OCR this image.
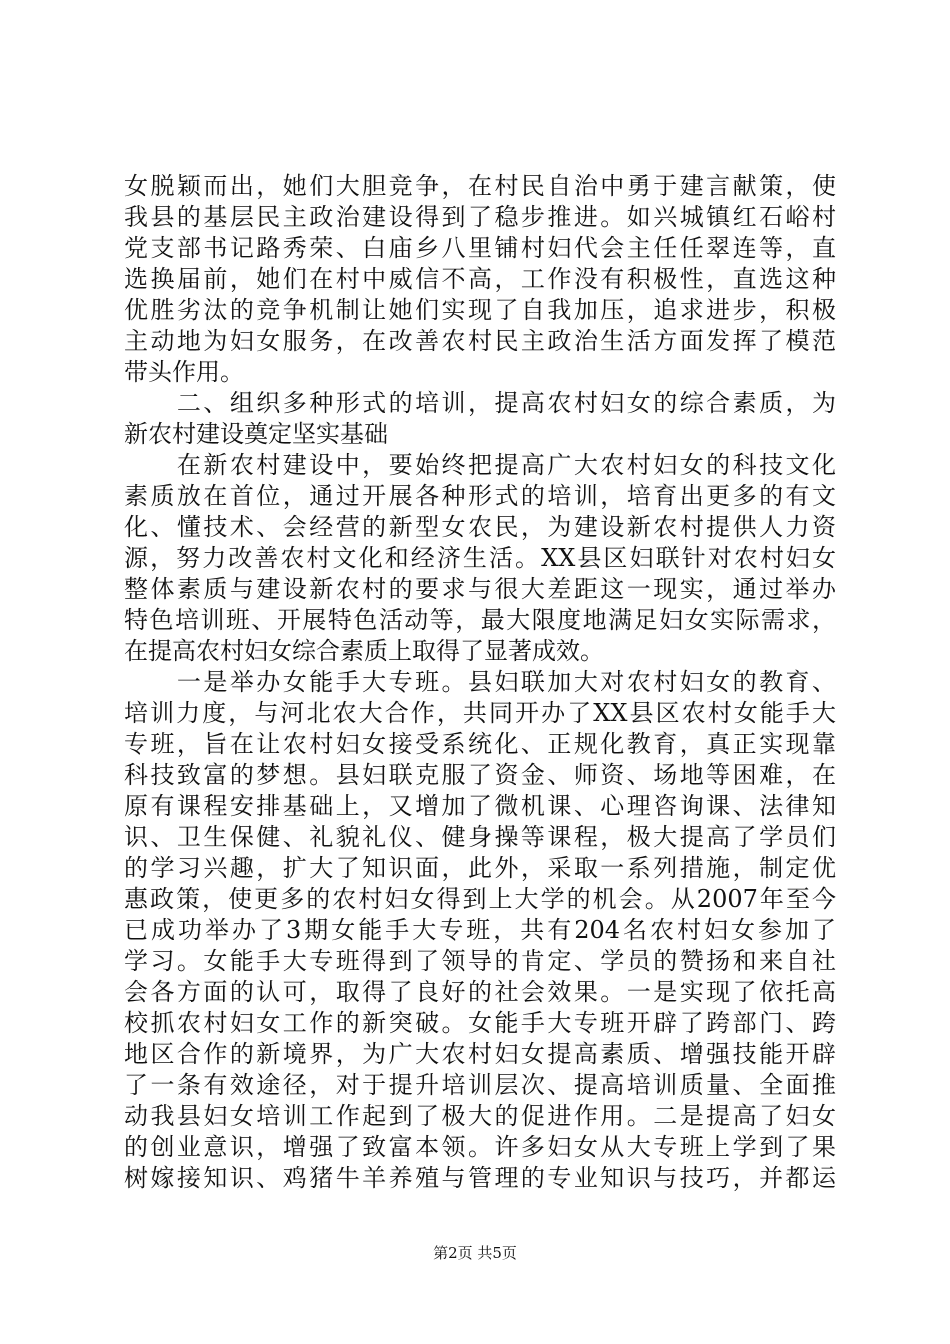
女脱颖而出，她们大胆竞争，在村民自治中勇于建言献策，使
我县的基层民主政治建设得到了稳步推进。如兴城镇红石峪村
党支部书记路秀荣、白庙乡八里铺村妇代会主任任翠连等，直
选换届前，她们在村中威信不高，工作没有积极性，直选这种
优胜劣汰的竞争机制让她们实现了自我加压，追求进步，积极
主动地为妇女服务，在改善农村民主政治生活方面发挥了模范
带头作用。
　　二、组织多种形式的培训，提高农村妇女的综合素质，为
新农村建设奠定坚实基础
　　在新农村建设中，要始终把提高广大农村妇女的科技文化
素质放在首位，通过开展各种形式的培训，培育出更多的有文
化、懂技术、会经营的新型女农民，为建设新农村提供人力资
源，努力改善农村文化和经济生活。XX县区妇联针对农村妇女
整体素质与建设新农村的要求与很大差距这一现实，通过举办
特色培训班、开展特色活动等，最大限度地满足妇女实际需求，
在提高农村妇女综合素质上取得了显著成效。
　　一是举办女能手大专班。县妇联加大对农村妇女的教育、
培训力度，与河北农大合作，共同开办了XX县区农村女能手大
专班，旨在让农村妇女接受系统化、正规化教育，真正实现靠
科技致富的梦想。县妇联克服了资金、师资、场地等困难，在
原有课程安排基础上，又增加了微机课、心理咨询课、法律知
识、卫生保健、礼貌礼仪、健身操等课程，极大提高了学员们
的学习兴趣，扩大了知识面，此外，采取一系列措施，制定优
惠政策，使更多的农村妇女得到上大学的机会。从2007年至今
已成功举办了3期女能手大专班，共有204名农村妇女参加了
学习。女能手大专班得到了领导的肯定、学员的赞扬和来自社
会各方面的认可，取得了良好的社会效果。一是实现了依托高
校抓农村妇女工作的新突破。女能手大专班开辟了跨部门、跨
地区合作的新境界，为广大农村妇女提高素质、增强技能开辟
了一条有效途径，对于提升培训层次、提高培训质量、全面推
动我县妇女培训工作起到了极大的促进作用。二是提高了妇女
的创业意识，增强了致富本领。许多妇女从大专班上学到了果
树嫁接知识、鸡猪牛羊养殖与管理的专业知识与技巧，并都运
第2页 共5页
